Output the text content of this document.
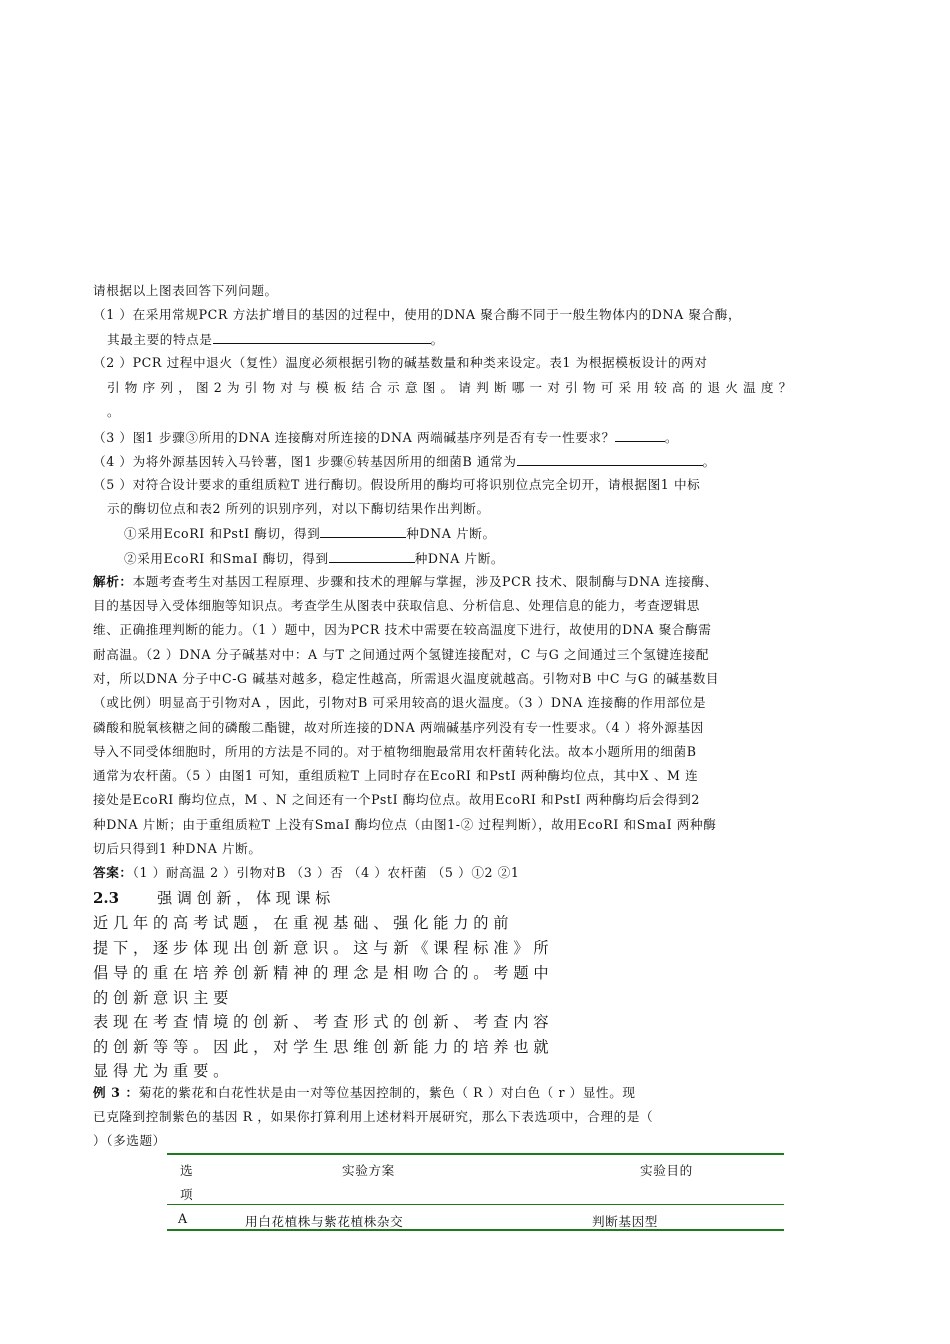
请根据以上图表回答下列问题。
（1 ）在采用常规PCR 方法扩增目的基因的过程中，使用的DNA 聚合酶不同于一般生物体内的DNA 聚合酶，
其最主要的特点是	。
（2 ）PCR 过程中退火（复性）温度必须根据引物的碱基数量和种类来设定。表1 为根据模板设计的两对
引 物 序 列 ， 图 2 为 引 物 对 与 模 板 结 合 示 意 图 。 请 判 断 哪 一 对 引 物 可 采 用 较 高 的 退 火 温 度 ？
。
（3 ）图1 步骤③所用的DNA 连接酶对所连接的DNA 两端碱基序列是否有专一性要求？	。
（4 ）为将外源基因转入马铃薯，图1 步骤⑥转基因所用的细菌B 通常为	。
（5 ）对符合设计要求的重组质粒T 进行酶切。假设所用的酶均可将识别位点完全切开，请根据图1 中标
示的酶切位点和表2 所列的识别序列，对以下酶切结果作出判断。
①采用EcoRⅠ 和PstⅠ 酶切，得到	种DNA 片断。
②采用EcoRⅠ 和SmaⅠ 酶切，得到	种DNA 片断。
解析：本题考查考生对基因工程原理、步骤和技术的理解与掌握，涉及PCR 技术、限制酶与DNA 连接酶、
目的基因导入受体细胞等知识点。考查学生从图表中获取信息、分析信息、处理信息的能力，考查逻辑思
维、正确推理判断的能力。（1 ）题中，因为PCR 技术中需要在较高温度下进行，故使用的DNA 聚合酶需
耐高温。（2 ）DNA 分子碱基对中：A 与T 之间通过两个氢键连接配对，C 与G 之间通过三个氢键连接配
对，所以DNA 分子中C-G 碱基对越多，稳定性越高，所需退火温度就越高。引物对B 中C 与G 的碱基数目
（或比例）明显高于引物对A ，因此，引物对B 可采用较高的退火温度。（3 ）DNA 连接酶的作用部位是
磷酸和脱氧核糖之间的磷酸二酯键，故对所连接的DNA 两端碱基序列没有专一性要求。（4 ）将外源基因
导入不同受体细胞时，所用的方法是不同的。对于植物细胞最常用农杆菌转化法。故本小题所用的细菌B
通常为农杆菌。（5 ）由图1 可知，重组质粒T 上同时存在EcoRⅠ 和PstⅠ 两种酶均位点，其中X 、M 连
接处是EcoRⅠ 酶均位点，M 、N 之间还有一个PstⅠ 酶均位点。故用EcoRⅠ 和PstⅠ 两种酶均后会得到2
种DNA 片断；由于重组质粒T 上没有SmaⅠ 酶均位点（由图1-② 过程判断），故用EcoRⅠ 和SmaⅠ 两种酶
切后只得到1 种DNA 片断。
答案：（1 ）耐高温 2 ）引物对B （3 ）否 （4 ）农杆菌 （5 ）①2 ②1
2.3	强 调 创 新 ， 体 现 课 标
近 几 年 的 高 考 试 题 ， 在 重 视 基 础 、 强 化 能 力 的 前
提 下 ， 逐 步 体 现 出 创 新 意 识 。 这 与 新 《 课 程 标 准 》 所
倡 导 的 重 在 培 养 创 新 精 神 的 理 念 是 相 吻 合 的 。 考 题 中
的 创 新 意 识 主 要
表 现 在 考 查 情 境 的 创 新 、 考 查 形 式 的 创 新 、 考 查 内 容
的 创 新 等 等 。 因 此 ， 对 学 生 思 维 创 新 能 力 的 培 养 也 就
显 得 尤 为 重 要 。
例 3 ：菊花的紫花和白花性状是由一对等位基因控制的，紫色（ R ）对白色（ r ）显性。现
已克隆到控制紫色的基因 R ，如果你打算利用上述材料开展研究，那么下表选项中，合理的是（
）（多选题）
选
项
实验方案	实验目的
A	用白花植株与紫花植株杂交	判断基因型
